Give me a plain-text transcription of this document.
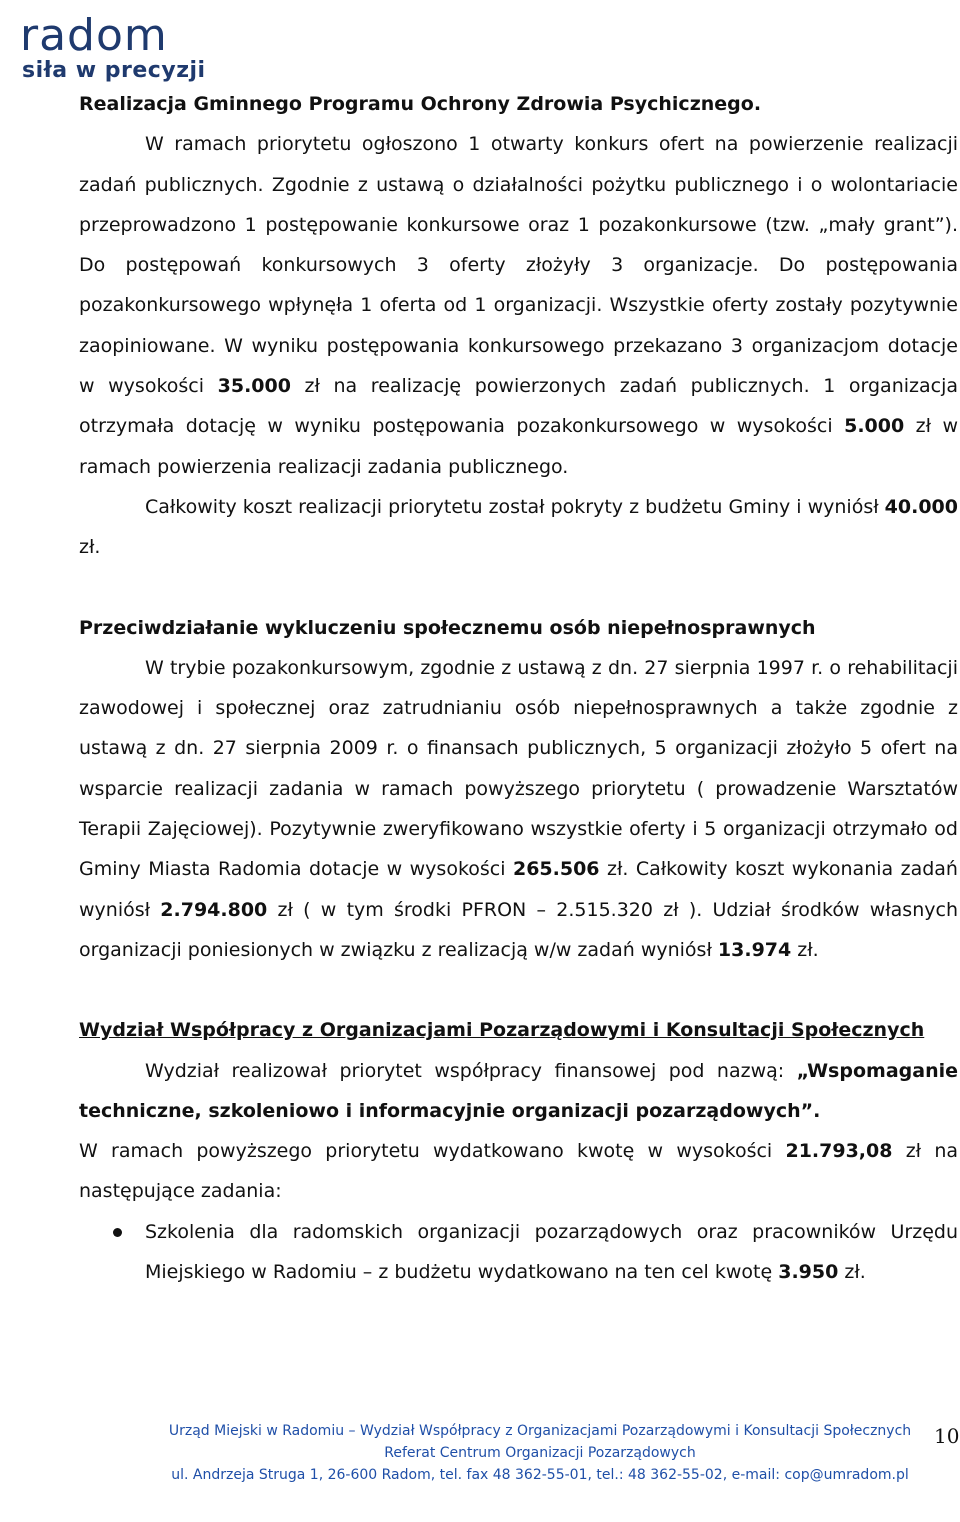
radom
siła w precyzji

Realizacja Gminnego Programu Ochrony Zdrowia Psychicznego.

W ramach priorytetu ogłoszono 1 otwarty konkurs ofert na powierzenie realizacji zadań publicznych. Zgodnie z ustawą o działalności pożytku publicznego i o wolontariacie przeprowadzono 1 postępowanie konkursowe oraz 1 pozakonkursowe (tzw. „mały grant”). Do postępowań konkursowych 3 oferty złożyły 3 organizacje. Do postępowania pozakonkursowego wpłynęła 1 oferta od 1 organizacji. Wszystkie oferty zostały pozytywnie zaopiniowane. W wyniku postępowania konkursowego przekazano 3 organizacjom dotacje w wysokości 35.000 zł na realizację powierzonych zadań publicznych. 1 organizacja otrzymała dotację w wyniku postępowania pozakonkursowego w wysokości 5.000 zł w ramach powierzenia realizacji zadania publicznego.

Całkowity koszt realizacji priorytetu został pokryty z budżetu Gminy i wyniósł 40.000 zł.

Przeciwdziałanie wykluczeniu społecznemu osób niepełnosprawnych

W trybie pozakonkursowym, zgodnie z ustawą z dn. 27 sierpnia 1997 r. o rehabilitacji zawodowej i społecznej oraz zatrudnianiu osób niepełnosprawnych a także zgodnie z ustawą z dn. 27 sierpnia 2009 r. o finansach publicznych, 5 organizacji złożyło 5 ofert na wsparcie realizacji zadania w ramach powyższego priorytetu ( prowadzenie Warsztatów Terapii Zajęciowej). Pozytywnie zweryfikowano wszystkie oferty i 5 organizacji otrzymało od Gminy Miasta Radomia dotacje w wysokości 265.506 zł. Całkowity koszt wykonania zadań wyniósł 2.794.800 zł ( w tym środki PFRON – 2.515.320 zł ). Udział środków własnych organizacji poniesionych w związku z realizacją w/w zadań wyniósł 13.974 zł.

Wydział Współpracy z Organizacjami Pozarządowymi i Konsultacji Społecznych

Wydział realizował priorytet współpracy finansowej pod nazwą: „Wspomaganie techniczne, szkoleniowo i informacyjnie organizacji pozarządowych”.

W ramach powyższego priorytetu wydatkowano kwotę w wysokości 21.793,08 zł na następujące zadania:

Szkolenia dla radomskich organizacji pozarządowych oraz pracowników Urzędu Miejskiego w Radomiu – z budżetu wydatkowano na ten cel kwotę 3.950 zł.
Urząd Miejski w Radomiu – Wydział Współpracy z Organizacjami Pozarządowymi i Konsultacji Społecznych
Referat Centrum Organizacji Pozarządowych
ul. Andrzeja Struga 1, 26-600 Radom, tel. fax 48 362-55-01, tel.: 48 362-55-02, e-mail: cop@umradom.pl
10
